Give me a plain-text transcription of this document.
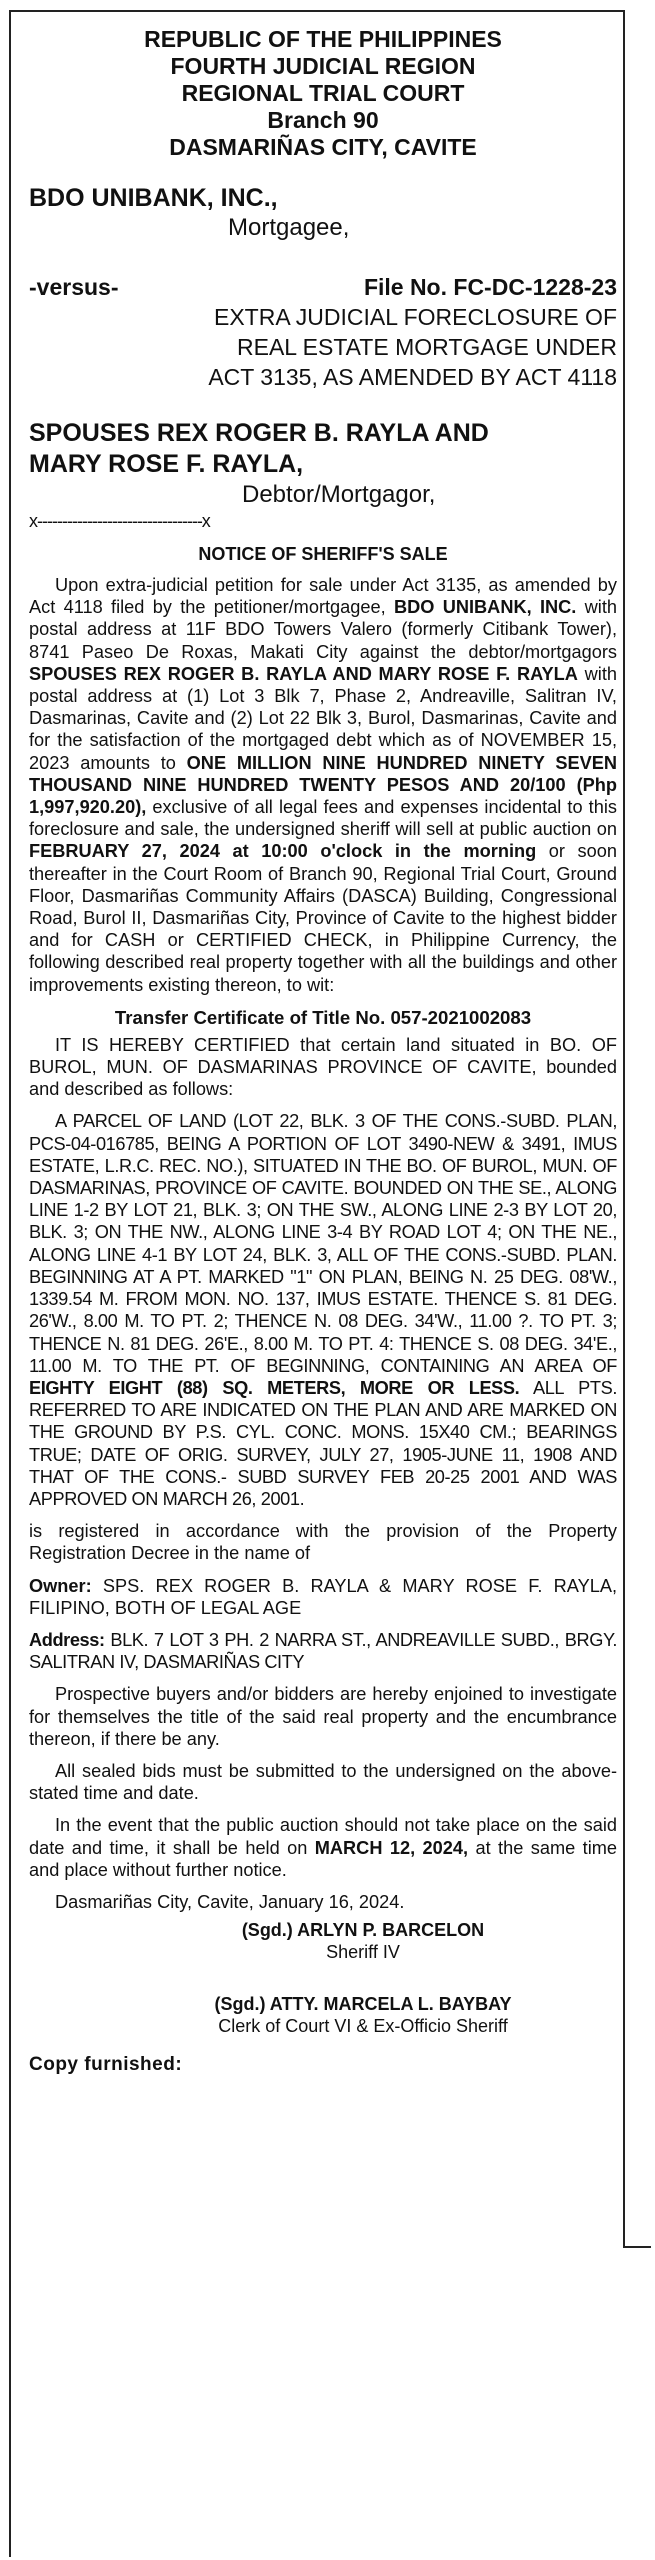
REPUBLIC OF THE PHILIPPINES
FOURTH JUDICIAL REGION
REGIONAL TRIAL COURT
Branch 90
DASMARIÑAS CITY, CAVITE
BDO UNIBANK, INC.,
Mortgagee,
-versus-	File No. FC-DC-1228-23
EXTRA JUDICIAL FORECLOSURE OF
REAL ESTATE MORTGAGE UNDER
ACT 3135, AS AMENDED BY ACT 4118
SPOUSES REX ROGER B. RAYLA AND
MARY ROSE F. RAYLA,
Debtor/Mortgagor,
x---------------------------------x
NOTICE OF SHERIFF'S SALE

Upon extra-judicial petition for sale under Act 3135, as amended by Act 4118 filed by the petitioner/mortgagee, BDO UNIBANK, INC. with postal address at 11F BDO Towers Valero (formerly Citibank Tower), 8741 Paseo De Roxas, Makati City against the debtor/mortgagors SPOUSES REX ROGER B. RAYLA AND MARY ROSE F. RAYLA with postal address at (1) Lot 3 Blk 7, Phase 2, Andreaville, Salitran IV, Dasmarinas, Cavite and (2) Lot 22 Blk 3, Burol, Dasmarinas, Cavite and for the satisfaction of the mortgaged debt which as of NOVEMBER 15, 2023 amounts to ONE MILLION NINE HUNDRED NINETY SEVEN THOUSAND NINE HUNDRED TWENTY PESOS AND 20/100 (Php 1,997,920.20), exclusive of all legal fees and expenses incidental to this foreclosure and sale, the undersigned sheriff will sell at public auction on FEBRUARY 27, 2024 at 10:00 o'clock in the morning or soon thereafter in the Court Room of Branch 90, Regional Trial Court, Ground Floor, Dasmariñas Community Affairs (DASCA) Building, Congressional Road, Burol II, Dasmariñas City, Province of Cavite to the highest bidder and for CASH or CERTIFIED CHECK, in Philippine Currency, the following described real property together with all the buildings and other improvements existing thereon, to wit:

Transfer Certificate of Title No. 057-2021002083

IT IS HEREBY CERTIFIED that certain land situated in BO. OF BUROL, MUN. OF DASMARINAS PROVINCE OF CAVITE, bounded and described as follows:

A PARCEL OF LAND (LOT 22, BLK. 3 OF THE CONS.-SUBD. PLAN, PCS-04-016785, BEING A PORTION OF LOT 3490-NEW & 3491, IMUS ESTATE, L.R.C. REC. NO.), SITUATED IN THE BO. OF BUROL, MUN. OF DASMARINAS, PROVINCE OF CAVITE. BOUNDED ON THE SE., ALONG LINE 1-2 BY LOT 21, BLK. 3; ON THE SW., ALONG LINE 2-3 BY LOT 20, BLK. 3; ON THE NW., ALONG LINE 3-4 BY ROAD LOT 4; ON THE NE., ALONG LINE 4-1 BY LOT 24, BLK. 3, ALL OF THE CONS.-SUBD. PLAN. BEGINNING AT A PT. MARKED "1" ON PLAN, BEING N. 25 DEG. 08'W., 1339.54 M. FROM MON. NO. 137, IMUS ESTATE. THENCE S. 81 DEG. 26'W., 8.00 M. TO PT. 2; THENCE N. 08 DEG. 34'W., 11.00 ?. TO PT. 3; THENCE N. 81 DEG. 26'E., 8.00 M. TO PT. 4: THENCE S. 08 DEG. 34'E., 11.00 M. TO THE PT. OF BEGINNING, CONTAINING AN AREA OF EIGHTY EIGHT (88) SQ. METERS, MORE OR LESS. ALL PTS. REFERRED TO ARE INDICATED ON THE PLAN AND ARE MARKED ON THE GROUND BY P.S. CYL. CONC. MONS. 15X40 CM.; BEARINGS TRUE; DATE OF ORIG. SURVEY, JULY 27, 1905-JUNE 11, 1908 AND THAT OF THE CONS.- SUBD SURVEY FEB 20-25 2001 AND WAS APPROVED ON MARCH 26, 2001.

is registered in accordance with the provision of the Property Registration Decree in the name of

Owner: SPS. REX ROGER B. RAYLA & MARY ROSE F. RAYLA, FILIPINO, BOTH OF LEGAL AGE

Address: BLK. 7 LOT 3 PH. 2 NARRA ST., ANDREAVILLE SUBD., BRGY. SALITRAN IV, DASMARIÑAS CITY

Prospective buyers and/or bidders are hereby enjoined to investigate for themselves the title of the said real property and the encumbrance thereon, if there be any.

All sealed bids must be submitted to the undersigned on the above-stated time and date.

In the event that the public auction should not take place on the said date and time, it shall be held on MARCH 12, 2024, at the same time and place without further notice.

Dasmariñas City, Cavite, January 16, 2024.

(Sgd.) ARLYN P. BARCELON
Sheriff IV
(Sgd.) ATTY. MARCELA L. BAYBAY
Clerk of Court VI & Ex-Officio Sheriff
Copy furnished:
